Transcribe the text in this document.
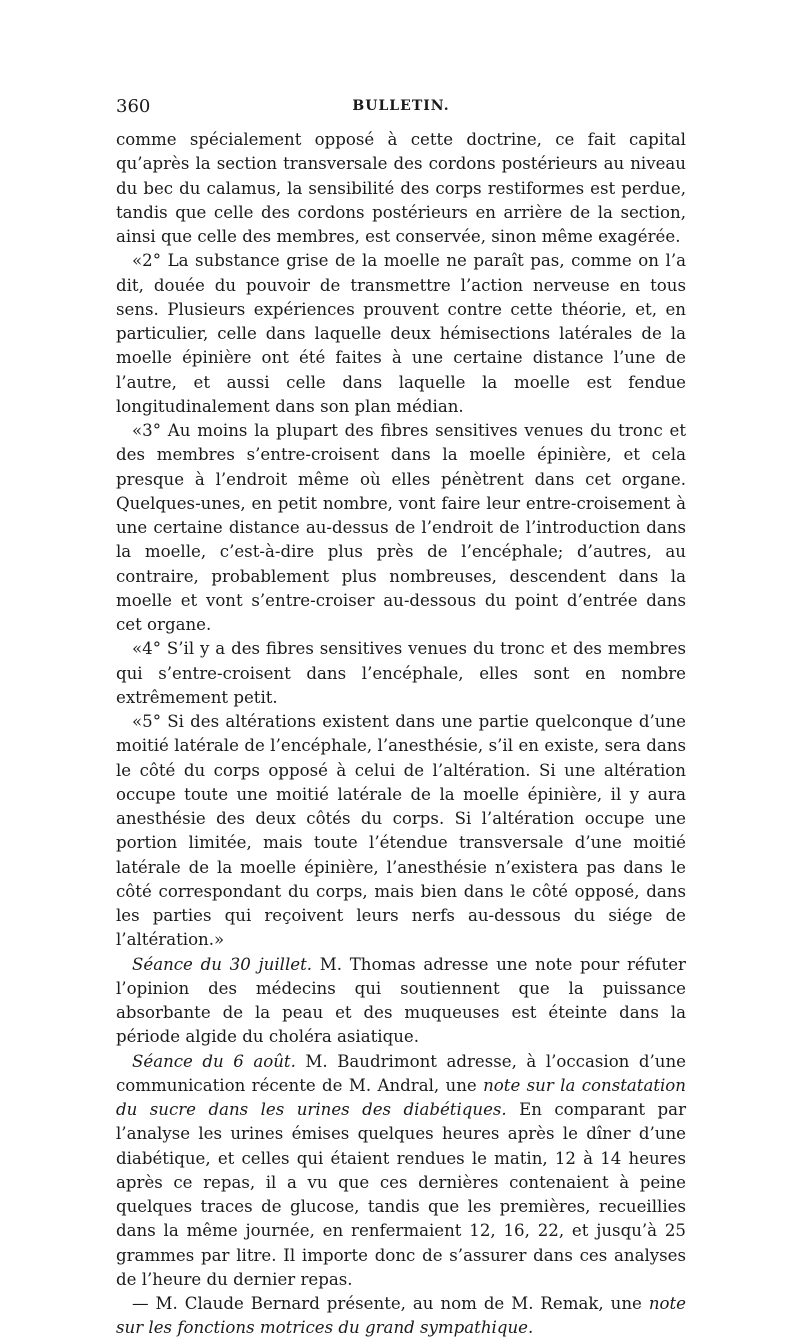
360	BULLETIN.

comme spécialement opposé à cette doctrine, ce fait capital qu’après la section transversale des cordons postérieurs au niveau du bec du calamus, la sensibilité des corps restiformes est perdue, tandis que celle des cordons postérieurs en arrière de la section, ainsi que celle des membres, est conservée, sinon même exagérée.

«2° La substance grise de la moelle ne paraît pas, comme on l’a dit, douée du pouvoir de transmettre l’action nerveuse en tous sens. Plusieurs expériences prouvent contre cette théorie, et, en particulier, celle dans laquelle deux hémisections latérales de la moelle épinière ont été faites à une certaine distance l’une de l’autre, et aussi celle dans laquelle la moelle est fendue longitudinalement dans son plan médian.

«3° Au moins la plupart des fibres sensitives venues du tronc et des membres s’entre-croisent dans la moelle épinière, et cela presque à l’endroit même où elles pénètrent dans cet organe. Quelques-unes, en petit nombre, vont faire leur entre-croisement à une certaine distance au-dessus de l’endroit de l’introduction dans la moelle, c’est-à-dire plus près de l’encéphale; d’autres, au contraire, probablement plus nombreuses, descendent dans la moelle et vont s’entre-croiser au-dessous du point d’entrée dans cet organe.

«4° S’il y a des fibres sensitives venues du tronc et des membres qui s’entre-croisent dans l’encéphale, elles sont en nombre extrêmement petit.

«5° Si des altérations existent dans une partie quelconque d’une moitié latérale de l’encéphale, l’anesthésie, s’il en existe, sera dans le côté du corps opposé à celui de l’altération. Si une altération occupe toute une moitié latérale de la moelle épinière, il y aura anesthésie des deux côtés du corps. Si l’altération occupe une portion limitée, mais toute l’étendue transversale d’une moitié latérale de la moelle épinière, l’anesthésie n’existera pas dans le côté correspondant du corps, mais bien dans le côté opposé, dans les parties qui reçoivent leurs nerfs au-dessous du siége de l’altération.»

Séance du 30 juillet. M. Thomas adresse une note pour réfuter l’opinion des médecins qui soutiennent que la puissance absorbante de la peau et des muqueuses est éteinte dans la période algide du choléra asiatique.

Séance du 6 août. M. Baudrimont adresse, à l’occasion d’une communication récente de M. Andral, une note sur la constatation du sucre dans les urines des diabétiques. En comparant par l’analyse les urines émises quelques heures après le dîner d’une diabétique, et celles qui étaient rendues le matin, 12 à 14 heures après ce repas, il a vu que ces dernières contenaient à peine quelques traces de glucose, tandis que les premières, recueillies dans la même journée, en renfermaient 12, 16, 22, et jusqu’à 25 grammes par litre. Il importe donc de s’assurer dans ces analyses de l’heure du dernier repas.

— M. Claude Bernard présente, au nom de M. Remak, une note sur les fonctions motrices du grand sympathique.
